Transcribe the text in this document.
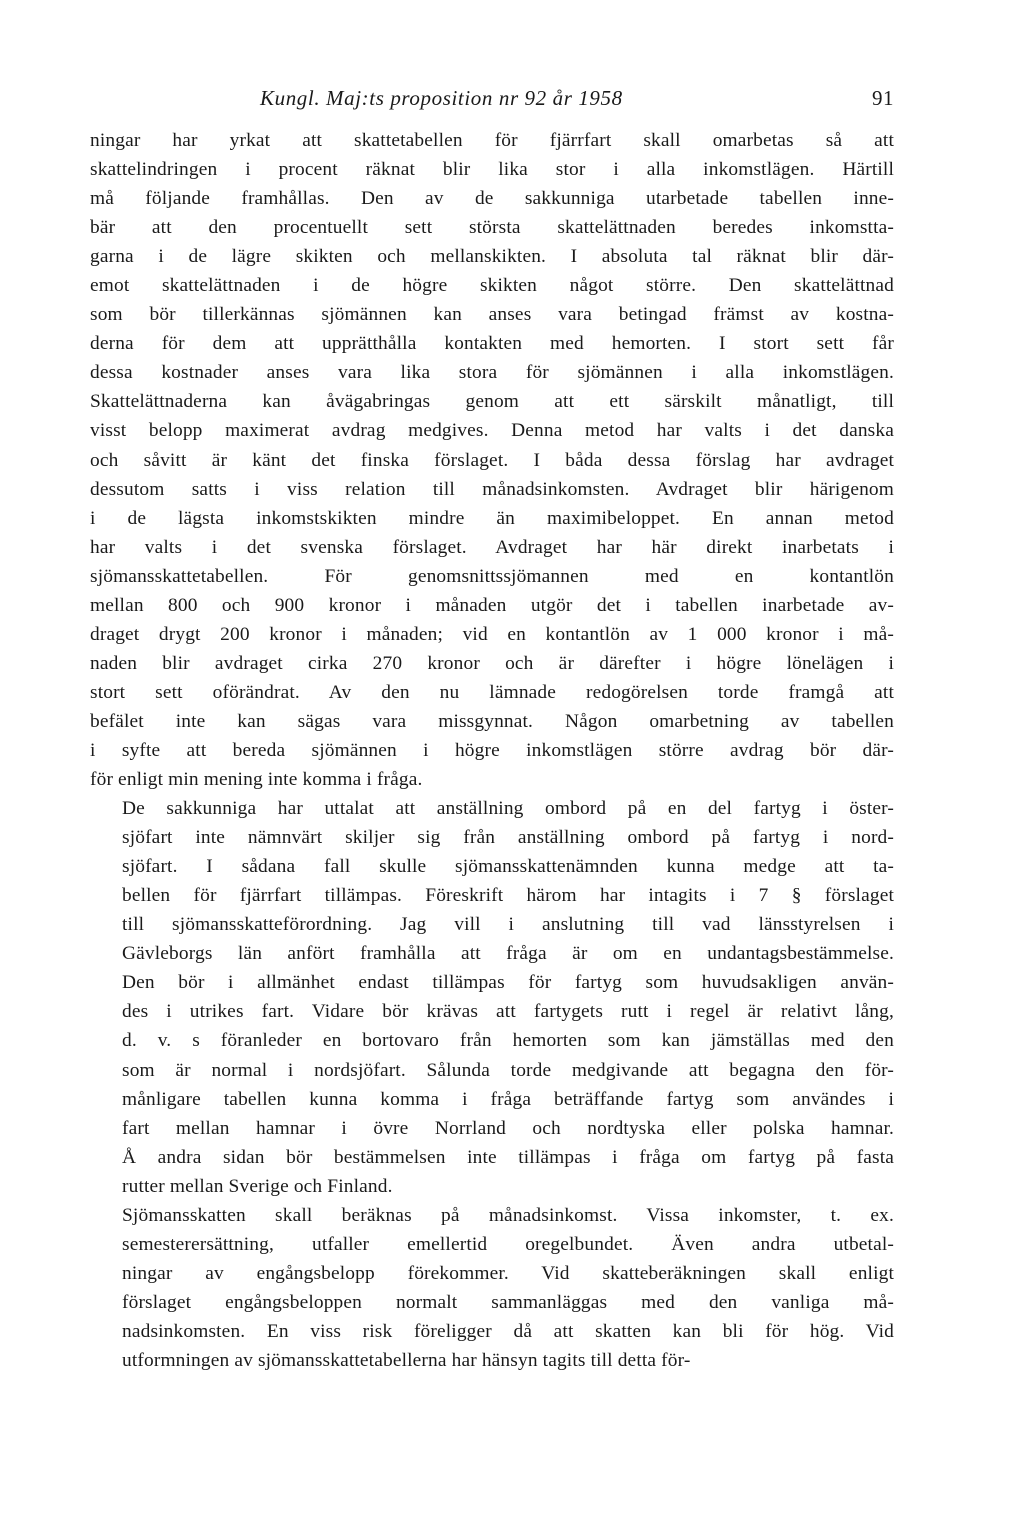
Kungl. Maj:ts proposition nr 92 år 1958	91
ningar har yrkat att skattetabellen för fjärrfart skall omarbetas så att
skattelindringen i procent räknat blir lika stor i alla inkomstlägen. Härtill
må följande framhållas. Den av de sakkunniga utarbetade tabellen inne-
bär att den procentuellt sett största skattelättnaden beredes inkomstta-
garna i de lägre skikten och mellanskikten. I absoluta tal räknat blir där-
emot skattelättnaden i de högre skikten något större. Den skattelättnad
som bör tillerkännas sjömännen kan anses vara betingad främst av kostna-
derna för dem att upprätthålla kontakten med hemorten. I stort sett får
dessa kostnader anses vara lika stora för sjömännen i alla inkomstlägen.
Skattelättnaderna kan åvägabringas genom att ett särskilt månatligt, till
visst belopp maximerat avdrag medgives. Denna metod har valts i det danska
och såvitt är känt det finska förslaget. I båda dessa förslag har avdraget
dessutom satts i viss relation till månadsinkomsten. Avdraget blir härigenom
i de lägsta inkomstskikten mindre än maximibeloppet. En annan metod
har valts i det svenska förslaget. Avdraget har här direkt inarbetats i
sjömansskattetabellen. För genomsnittssjömannen med en kontantlön
mellan 800 och 900 kronor i månaden utgör det i tabellen inarbetade av-
draget drygt 200 kronor i månaden; vid en kontantlön av 1 000 kronor i må-
naden blir avdraget cirka 270 kronor och är därefter i högre lönelägen i
stort sett oförändrat. Av den nu lämnade redogörelsen torde framgå att
befälet inte kan sägas vara missgynnat. Någon omarbetning av tabellen
i syfte att bereda sjömännen i högre inkomstlägen större avdrag bör där-
för enligt min mening inte komma i fråga.
De sakkunniga har uttalat att anställning ombord på en del fartyg i öster-
sjöfart inte nämnvärt skiljer sig från anställning ombord på fartyg i nord-
sjöfart. I sådana fall skulle sjömansskattenämnden kunna medge att ta-
bellen för fjärrfart tillämpas. Föreskrift härom har intagits i 7 § förslaget
till sjömansskatteförordning. Jag vill i anslutning till vad länsstyrelsen i
Gävleborgs län anfört framhålla att fråga är om en undantagsbestämmelse.
Den bör i allmänhet endast tillämpas för fartyg som huvudsakligen använ-
des i utrikes fart. Vidare bör krävas att fartygets rutt i regel är relativt lång,
d. v. s föranleder en bortovaro från hemorten som kan jämställas med den
som är normal i nordsjöfart. Sålunda torde medgivande att begagna den för-
månligare tabellen kunna komma i fråga beträffande fartyg som användes i
fart mellan hamnar i övre Norrland och nordtyska eller polska hamnar.
Å andra sidan bör bestämmelsen inte tillämpas i fråga om fartyg på fasta
rutter mellan Sverige och Finland.
Sjömansskatten skall beräknas på månadsinkomst. Vissa inkomster, t. ex.
semesterersättning, utfaller emellertid oregelbundet. Även andra utbetal-
ningar av engångsbelopp förekommer. Vid skatteberäkningen skall enligt
förslaget engångsbeloppen normalt sammanläggas med den vanliga må-
nadsinkomsten. En viss risk föreligger då att skatten kan bli för hög. Vid
utformningen av sjömansskattetabellerna har hänsyn tagits till detta för-
